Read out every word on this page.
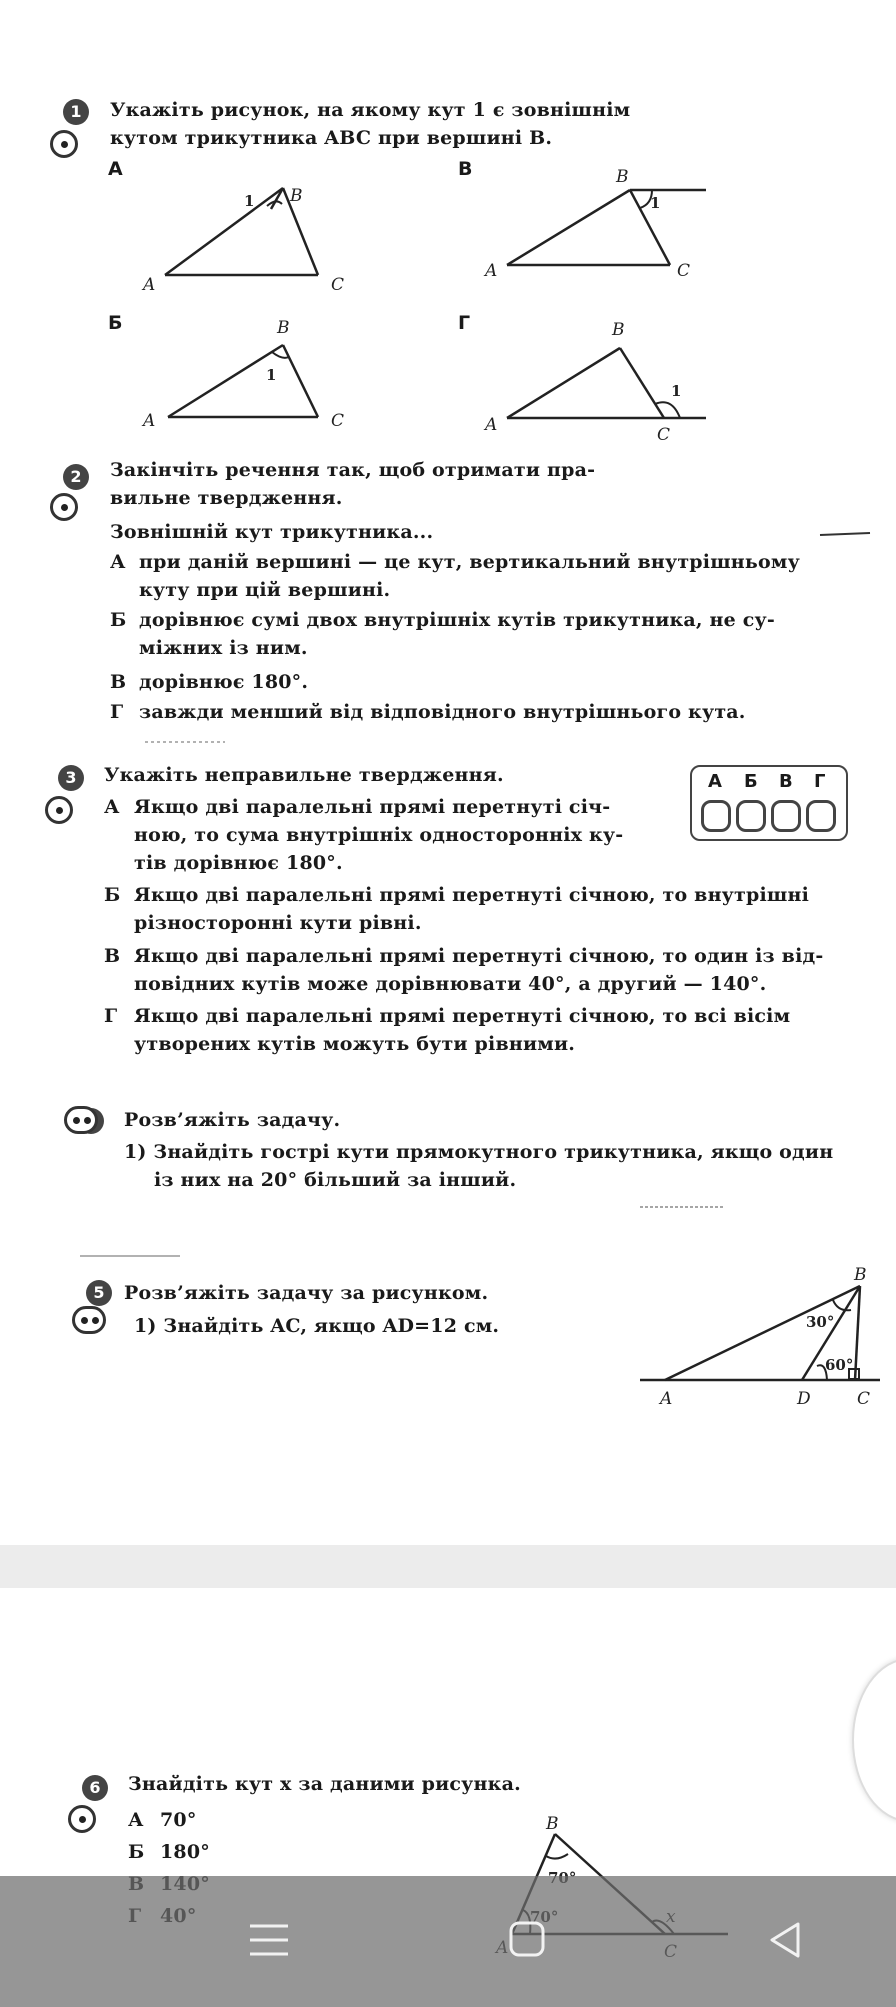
1	Укажіть рисунок, на якому кут 1 є зовнішнім
кутом трикутника ABC при вершині B.
А	В
Б	Г
1 B
A	C
B
1
A	C
B
1
A	C
B
1
A	C
B
30°
60°
A	D	C
2	Закінчіть речення так, щоб отримати пра-
вильне твердження.
Зовнішній кут трикутника...
А при даній вершині — це кут, вертикальний внутрішньому
куту при цій вершині.
Б дорівнює сумі двох внутрішніх кутів трикутника, не су-
міжних із ним.
В дорівнює 180°.
Г завжди менший від відповідного внутрішнього кута.
3	Укажіть неправильне твердження.
А Якщо дві паралельні прямі перетнуті січ-
ною, то сума внутрішніх односторонніх ку-
тів дорівнює 180°.
Б Якщо дві паралельні прямі перетнуті січною, то внутрішні
різносторонні кути рівні.
В Якщо дві паралельні прямі перетнуті січною, то один із від-
повідних кутів може дорівнювати 40°, а другий — 140°.
Г Якщо дві паралельні прямі перетнуті січною, то всі вісім
утворених кутів можуть бути рівними.
А Б В Г
Розв’яжіть задачу.
1) Знайдіть гострі кути прямокутного трикутника, якщо один
із них на 20° більший за інший.
5	Розв’яжіть задачу за рисунком.
1) Знайдіть AC, якщо AD=12 см.
6	Знайдіть кут x за даними рисунка.
А 70°
Б 180°
B
